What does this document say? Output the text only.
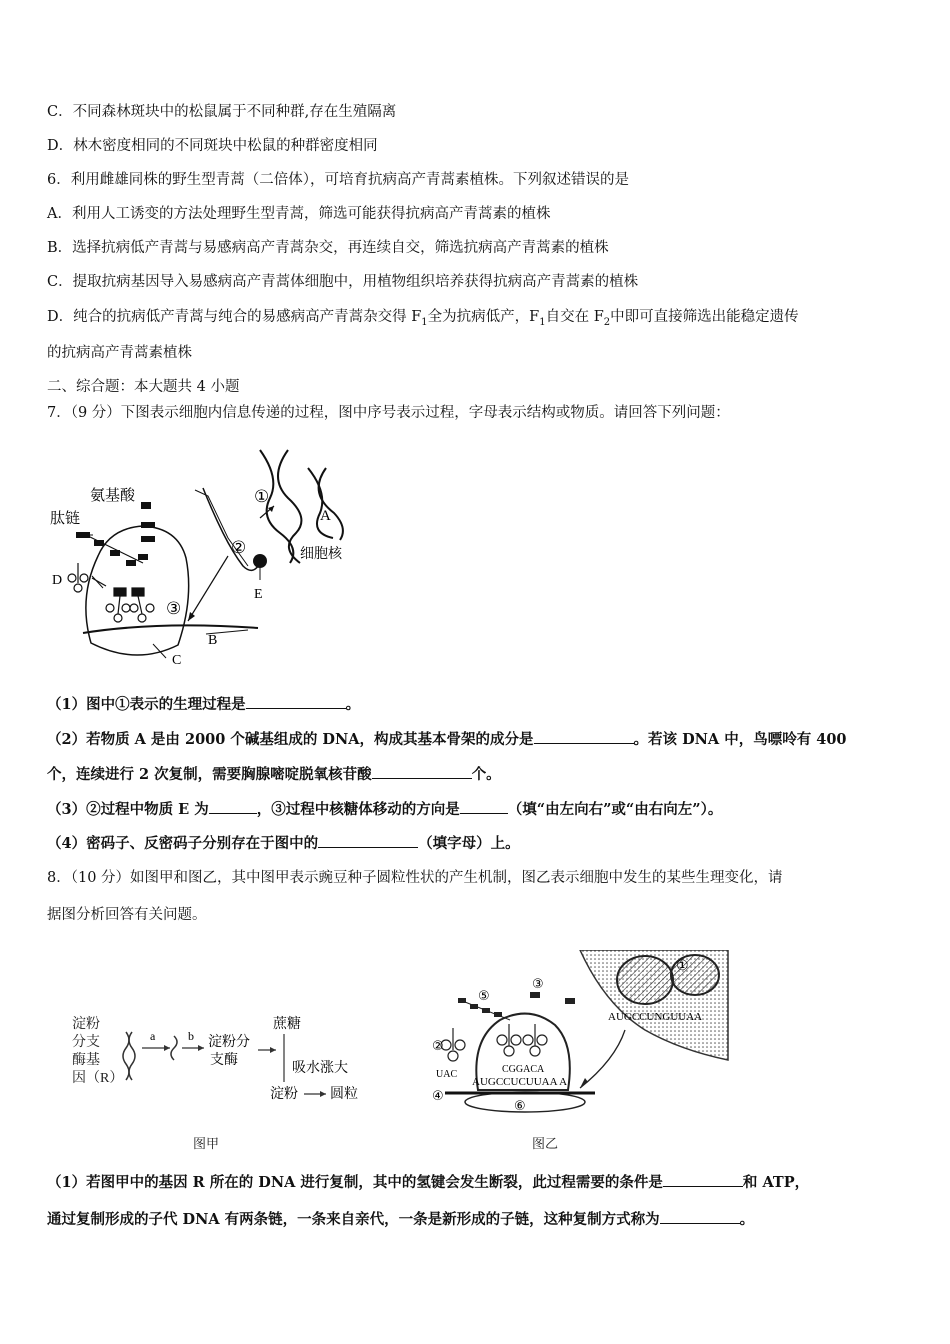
C．不同森林斑块中的松鼠属于不同种群,存在生殖隔离
D．林木密度相同的不同斑块中松鼠的种群密度相同
6．利用雌雄同株的野生型青蒿（二倍体），可培育抗病高产青蒿素植株。下列叙述错误的是
A．利用人工诱变的方法处理野生型青蒿，筛选可能获得抗病高产青蒿素的植株
B．选择抗病低产青蒿与易感病高产青蒿杂交，再连续自交，筛选抗病高产青蒿素的植株
C．提取抗病基因导入易感病高产青蒿体细胞中，用植物组织培养获得抗病高产青蒿素的植株
D．纯合的抗病低产青蒿与纯合的易感病高产青蒿杂交得 $F_1$全为抗病低产，$F_1$自交在 $F_2$中即可直接筛选出能稳定遗传
的抗病高产青蒿素植株
二、综合题：本大题共 4 小题
7．（9 分）下图表示细胞内信息传递的过程，图中序号表示过程，字母表示结构或物质。请回答下列问题：
氨基酸
肽链
细胞核
①
②
③
A
B
C
D
E
（1）图中①表示的生理过程是	。
（2）若物质 A 是由 2000 个碱基组成的 DNA，构成其基本骨架的成分是	。若该 DNA 中，鸟嘌呤有 400
个，连续进行 2 次复制，需要胸腺嘧啶脱氧核苷酸	个。
（3）②过程中物质 E 为	，③过程中核糖体移动的方向是	（填“由左向右”或“由右向左”）。
（4）密码子、反密码子分别存在于图中的	（填字母）上。
8．（10 分）如图甲和图乙，其中图甲表示豌豆种子圆粒性状的产生机制，图乙表示细胞中发生的某些生理变化，请
据图分析回答有关问题。
淀粉
分支
酶基
因（R）
a	b 淀粉分
支酶
蔗糖
吸水涨大
淀粉 圆粒
图甲
①
AUGCCUNGUUAA
AUGCCUCUUAA A
CGGACA
UAC
⑤
③
②
④
⑥
图乙
（1）若图甲中的基因 R 所在的 DNA 进行复制，其中的氢键会发生断裂，此过程需要的条件是	和 ATP，
通过复制形成的子代 DNA 有两条链，一条来自亲代，一条是新形成的子链，这种复制方式称为	。
